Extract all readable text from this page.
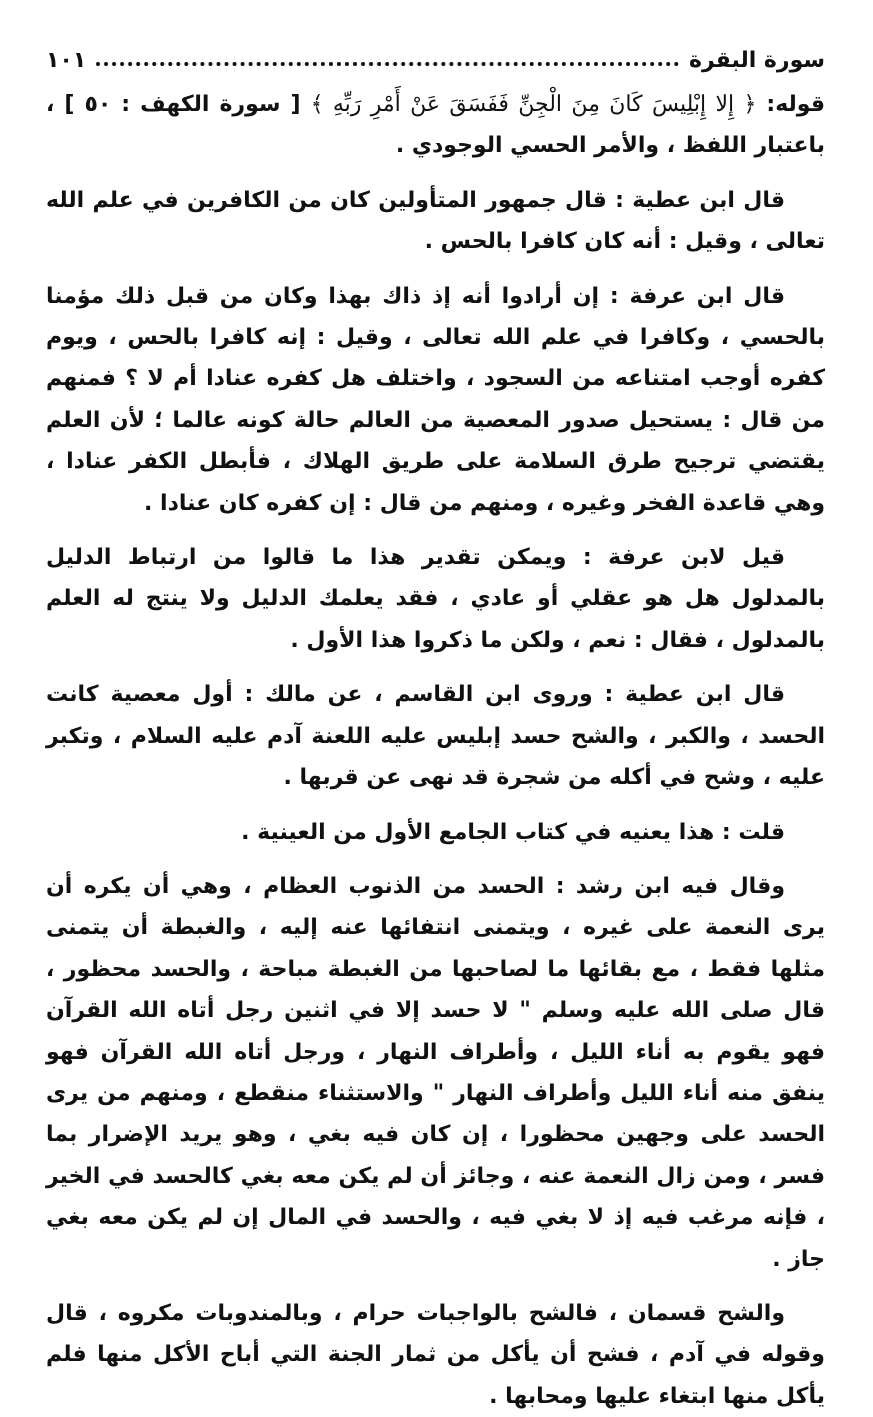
سورة البقرة
١٠١

قوله: ﴿ إِلا إِبْلِيسَ كَانَ مِنَ الْجِنِّ فَفَسَقَ عَنْ أَمْرِ رَبِّهِ ﴾ [ سورة الكهف : ٥٠ ] ، باعتبار اللفظ ، والأمر الحسي الوجودي .

قال ابن عطية : قال جمهور المتأولين كان من الكافرين في علم الله تعالى ، وقيل : أنه كان كافرا بالحس .

قال ابن عرفة : إن أرادوا أنه إذ ذاك بهذا وكان من قبل ذلك مؤمنا بالحسي ، وكافرا في علم الله تعالى ، وقيل : إنه كافرا بالحس ، ويوم كفره أوجب امتناعه من السجود ، واختلف هل كفره عنادا أم لا ؟ فمنهم من قال : يستحيل صدور المعصية من العالم حالة كونه عالما ؛ لأن العلم يقتضي ترجيح طرق السلامة على طريق الهلاك ، فأبطل الكفر عنادا ، وهي قاعدة الفخر وغيره ، ومنهم من قال : إن كفره كان عنادا .

قيل لابن عرفة : ويمكن تقدير هذا ما قالوا من ارتباط الدليل بالمدلول هل هو عقلي أو عادي ، فقد يعلمك الدليل ولا ينتج له العلم بالمدلول ، فقال : نعم ، ولكن ما ذكروا هذا الأول .

قال ابن عطية : وروى ابن القاسم ، عن مالك : أول معصية كانت الحسد ، والكبر ، والشح حسد إبليس عليه اللعنة آدم عليه السلام ، وتكبر عليه ، وشح في أكله من شجرة قد نهى عن قربها .

قلت : هذا يعنيه في كتاب الجامع الأول من العينية .

وقال فيه ابن رشد : الحسد من الذنوب العظام ، وهي أن يكره أن يرى النعمة على غيره ، ويتمنى انتفائها عنه إليه ، والغبطة أن يتمنى مثلها فقط ، مع بقائها ما لصاحبها من الغبطة مباحة ، والحسد محظور ، قال صلى الله عليه وسلم " لا حسد إلا في اثنين رجل أتاه الله القرآن فهو يقوم به أناء الليل ، وأطراف النهار ، ورجل أتاه الله القرآن فهو ينفق منه أناء الليل وأطراف النهار " والاستثناء منقطع ، ومنهم من يرى الحسد على وجهين محظورا ، إن كان فيه بغي ، وهو يريد الإضرار بما فسر ، ومن زال النعمة عنه ، وجائز أن لم يكن معه بغي كالحسد في الخير ، فإنه مرغب فيه إذ لا بغي فيه ، والحسد في المال إن لم يكن معه بغي جاز .

والشح قسمان ، فالشح بالواجبات حرام ، وبالمندوبات مكروه ، قال وقوله في آدم ، فشح أن يأكل من ثمار الجنة التي أباح الأكل منها فلم يأكل منها ابتغاء عليها ومحابها .
